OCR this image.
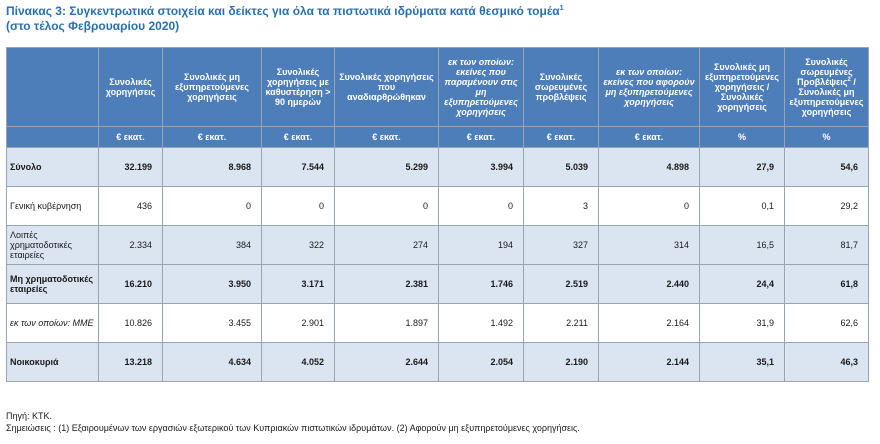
Πίνακας 3: Συγκεντρωτικά στοιχεία και δείκτες για όλα τα πιστωτικά ιδρύματα κατά θεσμικό τομέα$^1$
(στο τέλος Φεβρουαρίου 2020)
	Συνολικές χορηγήσεις	Συνολικές μη εξυπηρετούμενες χορηγήσεις	Συνολικές χορηγήσεις με καθυστέρηση > 90 ημερών	Συνολικές χορηγήσεις που αναδιαρθρώθηκαν	εκ των οποίων: εκείνες που παραμένουν στις μη εξυπηρετούμενες χορηγήσεις	Συνολικές σωρευμένες προβλέψεις	εκ των οποίων: εκείνες που αφορούν μη εξυπηρετούμενες χορηγήσεις	Συνολικές μη εξυπηρετούμενες χορηγήσεις / Συνολικές χορηγήσεις	Συνολικές σωρευμένες Προβλέψεις$^2$ / Συνολικές μη εξυπηρετούμενες χορηγήσεις
	€ εκατ.	€ εκατ.	€ εκατ.	€ εκατ.	€ εκατ.	€ εκατ.	€ εκατ.	%	%
Σύνολο	32.199	8.968	7.544	5.299	3.994	5.039	4.898	27,9	54,6
Γενική κυβέρνηση	436	0	0	0	0	3	0	0,1	29,2
Λοιπές χρηματοδοτικές εταιρείες	2.334	384	322	274	194	327	314	16,5	81,7
Μη χρηματοδοτικές εταιρείες	16.210	3.950	3.171	2.381	1.746	2.519	2.440	24,4	61,8
εκ των οποίων: ΜΜΕ	10.826	3.455	2.901	1.897	1.492	2.211	2.164	31,9	62,6
Νοικοκυριά	13.218	4.634	4.052	2.644	2.054	2.190	2.144	35,1	46,3
Πηγή: ΚΤΚ.
Σημειώσεις : (1) Εξαιρουμένων των εργασιών εξωτερικού των Κυπριακών πιστωτικών ιδρυμάτων. (2) Αφορούν μη εξυπηρετούμενες χορηγήσεις.
